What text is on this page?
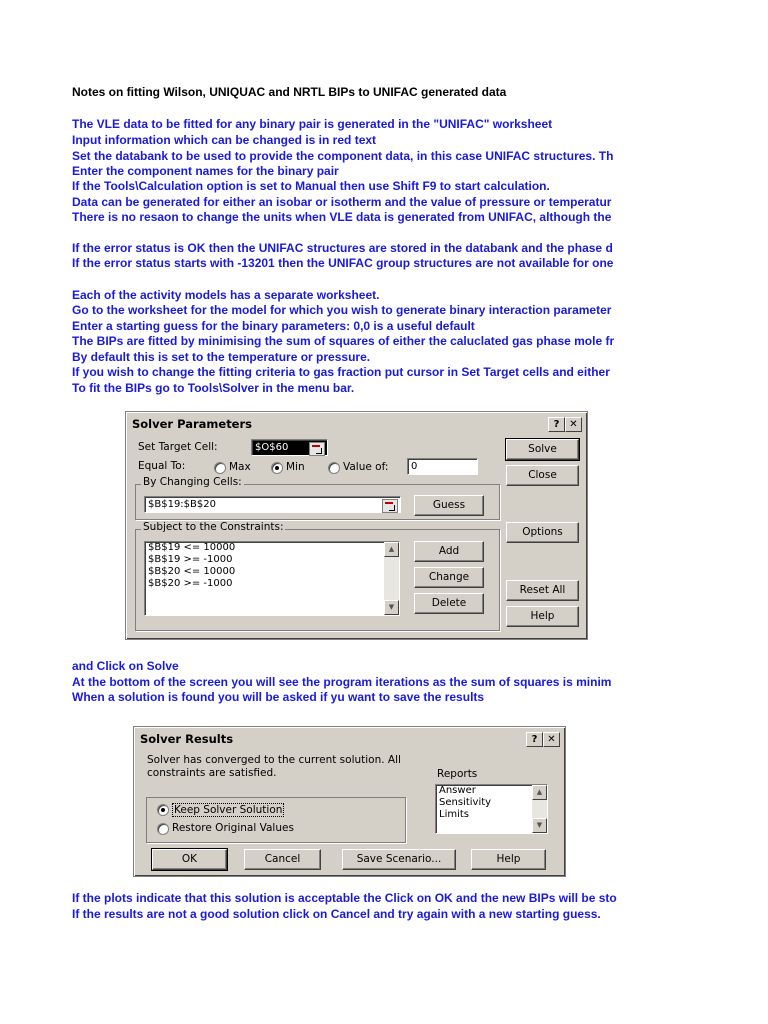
Notes on fitting Wilson, UNIQUAC and NRTL BIPs to UNIFAC generated data
The VLE data to be fitted for any binary pair is generated in the "UNIFAC" worksheet
Input information which can be changed is in red text
Set the databank to be used to provide the component data, in this case UNIFAC structures. Th
Enter the component names for the binary pair
If the Tools\Calculation option is set to Manual then use Shift F9 to start calculation.
Data can be generated for either an isobar or isotherm and the value of pressure or temperatur
There is no resaon to change the units when VLE data is generated from UNIFAC, although the
If the error status is OK then the UNIFAC structures are stored in the databank and the phase d
If the error status starts with -13201 then the UNIFAC group structures are not available for one
Each of the activity models has a separate worksheet.
Go to the worksheet for the model for which you wish to generate binary interaction parameter
Enter a starting guess for the binary parameters: 0,0 is a useful default
The BIPs are fitted by minimising the sum of squares of either the caluclated gas phase mole fr
By default this is set to the temperature or pressure.
If you wish to change the fitting criteria to gas fraction put cursor in Set Target cells and either
To fit the BIPs go to Tools\Solver in the menu bar.
Solver Parameters	? ✕
Set Target Cell:	$O$60
Equal To:	Max	Min	Value of:	0
By Changing Cells:
$B$19:$B$20	Guess
Subject to the Constraints:
$B$19 <= 10000
$B$19 >= -1000
$B$20 <= 10000
$B$20 >= -1000
▲
▼
Add
Change
Delete
Solve
Close
Options
Reset All
Help
and Click on Solve
At the bottom of the screen you will see the program iterations as the sum of squares is minim
When a solution is found you will be asked if yu want to save the results
Solver Results	? ✕
Solver has converged to the current solution. All
constraints are satisfied.	Reports
Answer
Sensitivity
Limits
▲
▼
Keep Solver Solution
Restore Original Values
OK	Cancel	Save Scenario...	Help
If the plots indicate that this solution is acceptable the Click on OK and the new BIPs will be sto
If the results are not a good solution click on Cancel and try again with a new starting guess.
